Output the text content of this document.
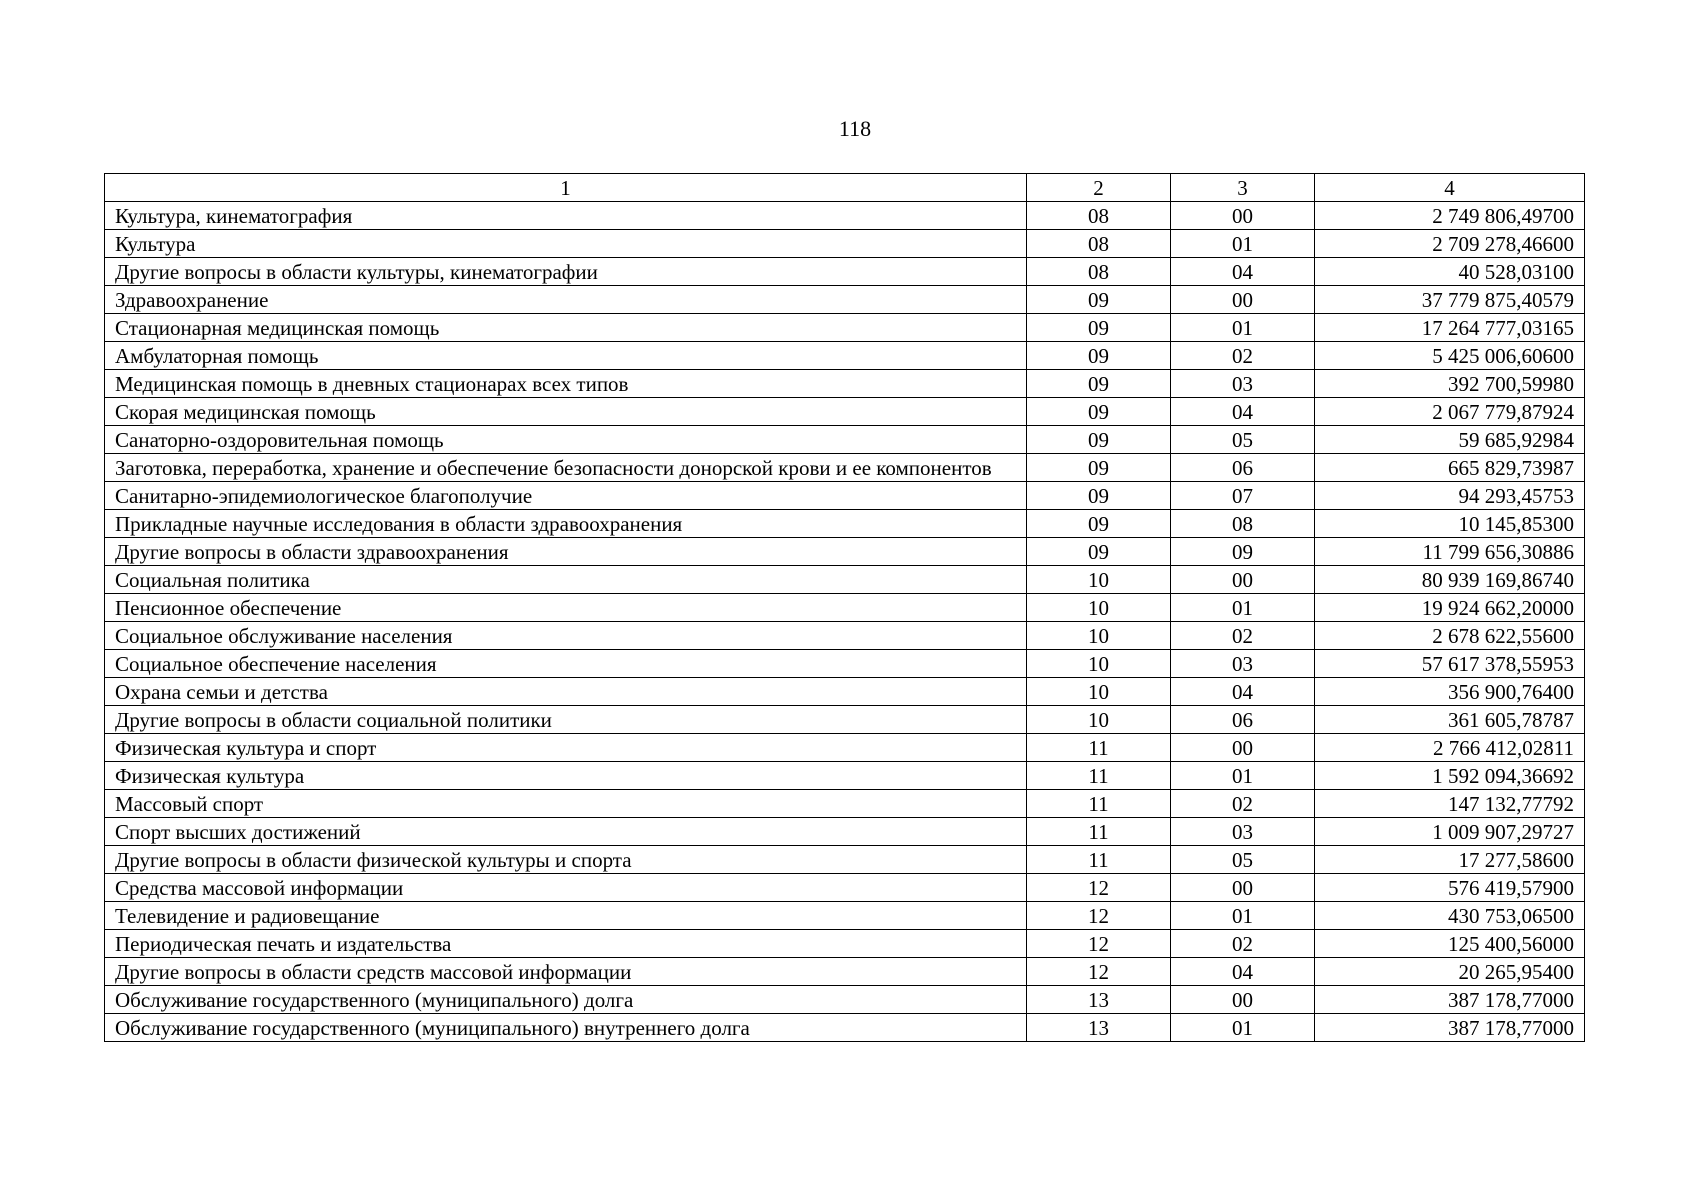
118
1	2	3	4
Культура, кинематография	08	00	2 749 806,49700
Культура	08	01	2 709 278,46600
Другие вопросы в области культуры, кинематографии	08	04	40 528,03100
Здравоохранение	09	00	37 779 875,40579
Стационарная медицинская помощь	09	01	17 264 777,03165
Амбулаторная помощь	09	02	5 425 006,60600
Медицинская помощь в дневных стационарах всех типов	09	03	392 700,59980
Скорая медицинская помощь	09	04	2 067 779,87924
Санаторно-оздоровительная помощь	09	05	59 685,92984
Заготовка, переработка, хранение и обеспечение безопасности донорской крови и ее компонентов	09	06	665 829,73987
Санитарно-эпидемиологическое благополучие	09	07	94 293,45753
Прикладные научные исследования в области здравоохранения	09	08	10 145,85300
Другие вопросы в области здравоохранения	09	09	11 799 656,30886
Социальная политика	10	00	80 939 169,86740
Пенсионное обеспечение	10	01	19 924 662,20000
Социальное обслуживание населения	10	02	2 678 622,55600
Социальное обеспечение населения	10	03	57 617 378,55953
Охрана семьи и детства	10	04	356 900,76400
Другие вопросы в области социальной политики	10	06	361 605,78787
Физическая культура и спорт	11	00	2 766 412,02811
Физическая культура	11	01	1 592 094,36692
Массовый спорт	11	02	147 132,77792
Спорт высших достижений	11	03	1 009 907,29727
Другие вопросы в области физической культуры и спорта	11	05	17 277,58600
Средства массовой информации	12	00	576 419,57900
Телевидение и радиовещание	12	01	430 753,06500
Периодическая печать и издательства	12	02	125 400,56000
Другие вопросы в области средств массовой информации	12	04	20 265,95400
Обслуживание государственного (муниципального) долга	13	00	387 178,77000
Обслуживание государственного (муниципального) внутреннего долга	13	01	387 178,77000
